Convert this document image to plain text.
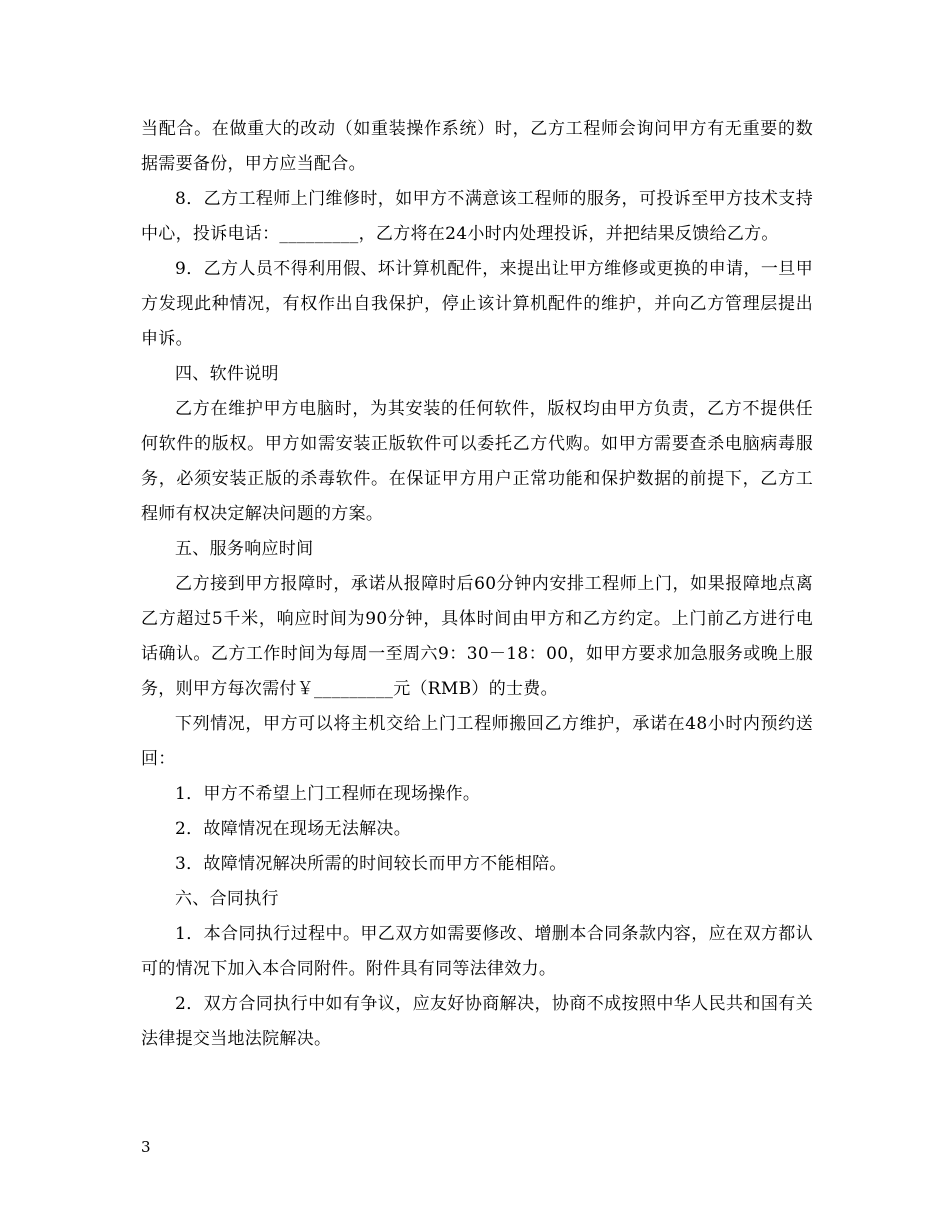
当配合。在做重大的改动（如重装操作系统）时，乙方工程师会询问甲方有无重要的数据需要备份，甲方应当配合。

8．乙方工程师上门维修时，如甲方不满意该工程师的服务，可投诉至甲方技术支持中心，投诉电话：_________，乙方将在24小时内处理投诉，并把结果反馈给乙方。

9．乙方人员不得利用假、坏计算机配件，来提出让甲方维修或更换的申请，一旦甲方发现此种情况，有权作出自我保护，停止该计算机配件的维护，并向乙方管理层提出申诉。

四、软件说明

乙方在维护甲方电脑时，为其安装的任何软件，版权均由甲方负责，乙方不提供任何软件的版权。甲方如需安装正版软件可以委托乙方代购。如甲方需要查杀电脑病毒服务，必须安装正版的杀毒软件。在保证甲方用户正常功能和保护数据的前提下，乙方工程师有权决定解决问题的方案。

五、服务响应时间

乙方接到甲方报障时，承诺从报障时后60分钟内安排工程师上门，如果报障地点离乙方超过5千米，响应时间为90分钟，具体时间由甲方和乙方约定。上门前乙方进行电话确认。乙方工作时间为每周一至周六9：30－18：00，如甲方要求加急服务或晚上服务，则甲方每次需付￥_________元（RMB）的士费。

下列情况，甲方可以将主机交给上门工程师搬回乙方维护，承诺在48小时内预约送回：

1．甲方不希望上门工程师在现场操作。

2．故障情况在现场无法解决。

3．故障情况解决所需的时间较长而甲方不能相陪。

六、合同执行

1．本合同执行过程中。甲乙双方如需要修改、增删本合同条款内容，应在双方都认可的情况下加入本合同附件。附件具有同等法律效力。

2．双方合同执行中如有争议，应友好协商解决，协商不成按照中华人民共和国有关法律提交当地法院解决。

3
